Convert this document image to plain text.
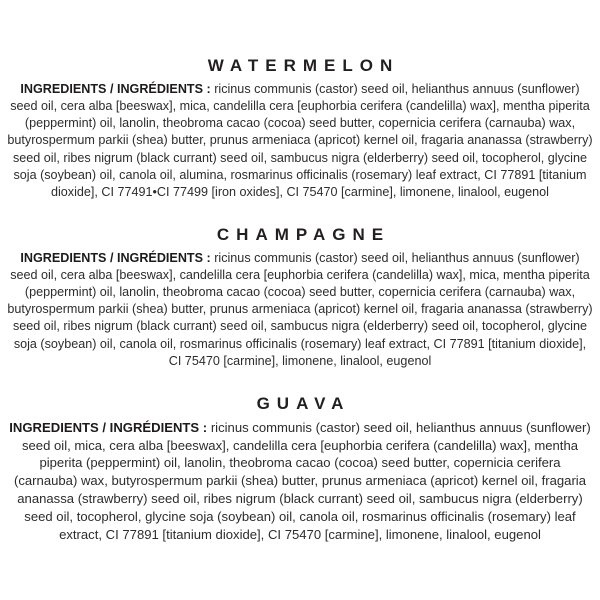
WATERMELON

INGREDIENTS / INGRÉDIENTS : ricinus communis (castor) seed oil, helianthus annuus (sunflower) seed oil, cera alba [beeswax], mica, candelilla cera [euphorbia cerifera (candelilla) wax], mentha piperita (peppermint) oil, lanolin, theobroma cacao (cocoa) seed butter, copernicia cerifera (carnauba) wax, butyrospermum parkii (shea) butter, prunus armeniaca (apricot) kernel oil, fragaria ananassa (strawberry) seed oil, ribes nigrum (black currant) seed oil, sambucus nigra (elderberry) seed oil, tocopherol, glycine soja (soybean) oil, canola oil, alumina, rosmarinus officinalis (rosemary) leaf extract, CI 77891 [titanium dioxide], CI 77491•CI 77499 [iron oxides], CI 75470 [carmine], limonene, linalool, eugenol

CHAMPAGNE

INGREDIENTS / INGRÉDIENTS : ricinus communis (castor) seed oil, helianthus annuus (sunflower) seed oil, cera alba [beeswax], candelilla cera [euphorbia cerifera (candelilla) wax], mica, mentha piperita (peppermint) oil, lanolin, theobroma cacao (cocoa) seed butter, copernicia cerifera (carnauba) wax, butyrospermum parkii (shea) butter, prunus armeniaca (apricot) kernel oil, fragaria ananassa (strawberry) seed oil, ribes nigrum (black currant) seed oil, sambucus nigra (elderberry) seed oil, tocopherol, glycine soja (soybean) oil, canola oil, rosmarinus officinalis (rosemary) leaf extract, CI 77891 [titanium dioxide], CI 75470 [carmine], limonene, linalool, eugenol

GUAVA

INGREDIENTS / INGRÉDIENTS : ricinus communis (castor) seed oil, helianthus annuus (sunflower) seed oil, mica, cera alba [beeswax], candelilla cera [euphorbia cerifera (candelilla) wax], mentha piperita (peppermint) oil, lanolin, theobroma cacao (cocoa) seed butter, copernicia cerifera (carnauba) wax, butyrospermum parkii (shea) butter, prunus armeniaca (apricot) kernel oil, fragaria ananassa (strawberry) seed oil, ribes nigrum (black currant) seed oil, sambucus nigra (elderberry) seed oil, tocopherol, glycine soja (soybean) oil, canola oil, rosmarinus officinalis (rosemary) leaf extract, CI 77891 [titanium dioxide], CI 75470 [carmine], limonene, linalool, eugenol
